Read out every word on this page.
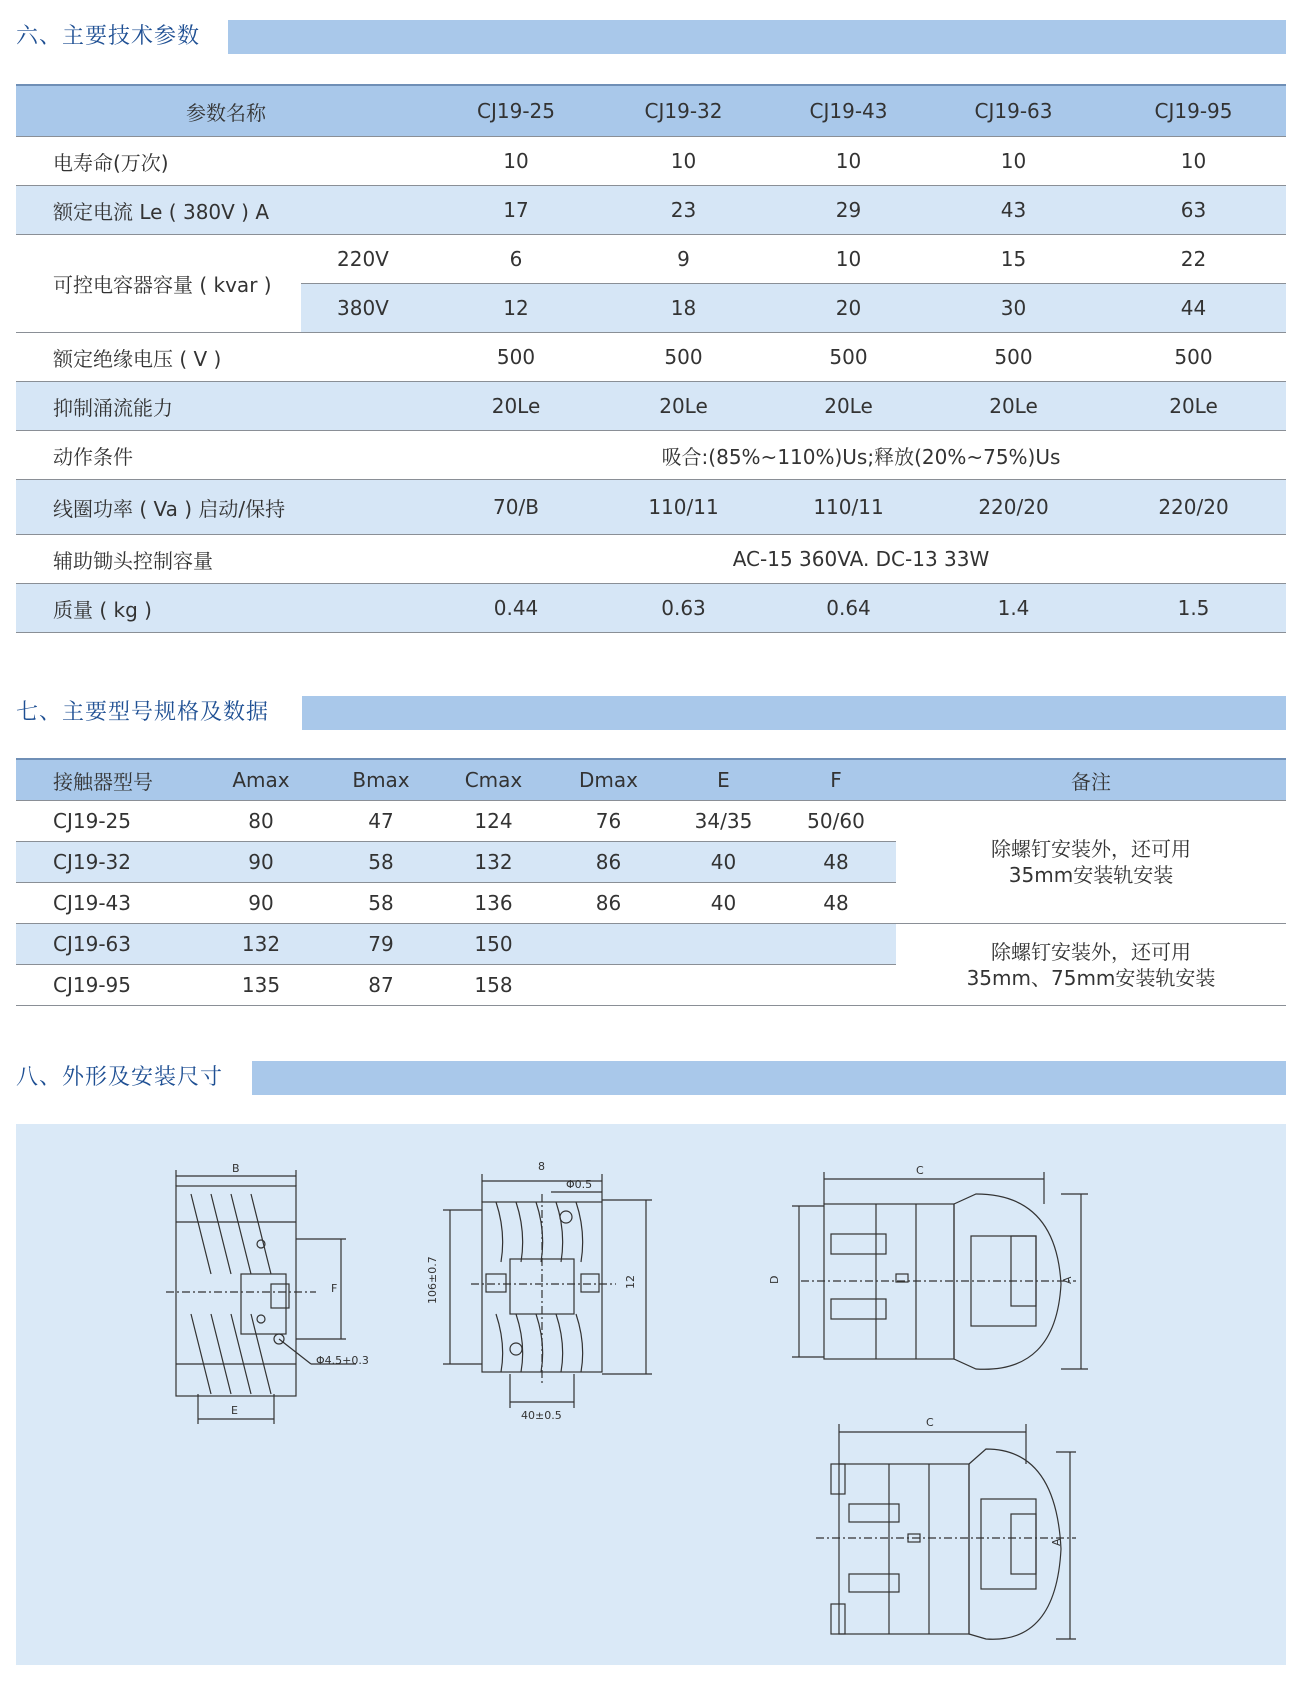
六、主要技术参数
参数名称		CJ19-25	CJ19-32	CJ19-43	CJ19-63	CJ19-95
电寿命(万次)		10	10	10	10	10
额定电流 Le ( 380V ) A		17	23	29	43	63
可控电容器容量 ( kvar )	220V	6	9	10	15	22
	380V	12	18	20	30	44
额定绝缘电压 ( V )		500	500	500	500	500
抑制涌流能力		20Le	20Le	20Le	20Le	20Le
动作条件		吸合:(85%~110%)Us;释放(20%~75%)Us				
线圈功率 ( Va ) 启动/保持		70/B	110/11	110/11	220/20	220/20
辅助锄头控制容量		AC-15 360VA. DC-13 33W				
质量 ( kg )		0.44	0.63	0.64	1.4	1.5
七、主要型号规格及数据
接触器型号	Amax	Bmax	Cmax	Dmax	E	F	备注
CJ19-25	80	47	124	76	34/35	50/60	除螺钉安装外，还可用
35mm安装轨安装

CJ19-32	90	58	132	86	40	48	
CJ19-43	90	58	136	86	40	48	
CJ19-63	132	79	150				除螺钉安装外，还可用
35mm、75mm安装轨安装

CJ19-95	135	87	158				
八、外形及安装尺寸
B
F
E
Φ4.5+0.3
8
Φ0.5
106±0.7	12
40±0.5
C
D	A
C
A
